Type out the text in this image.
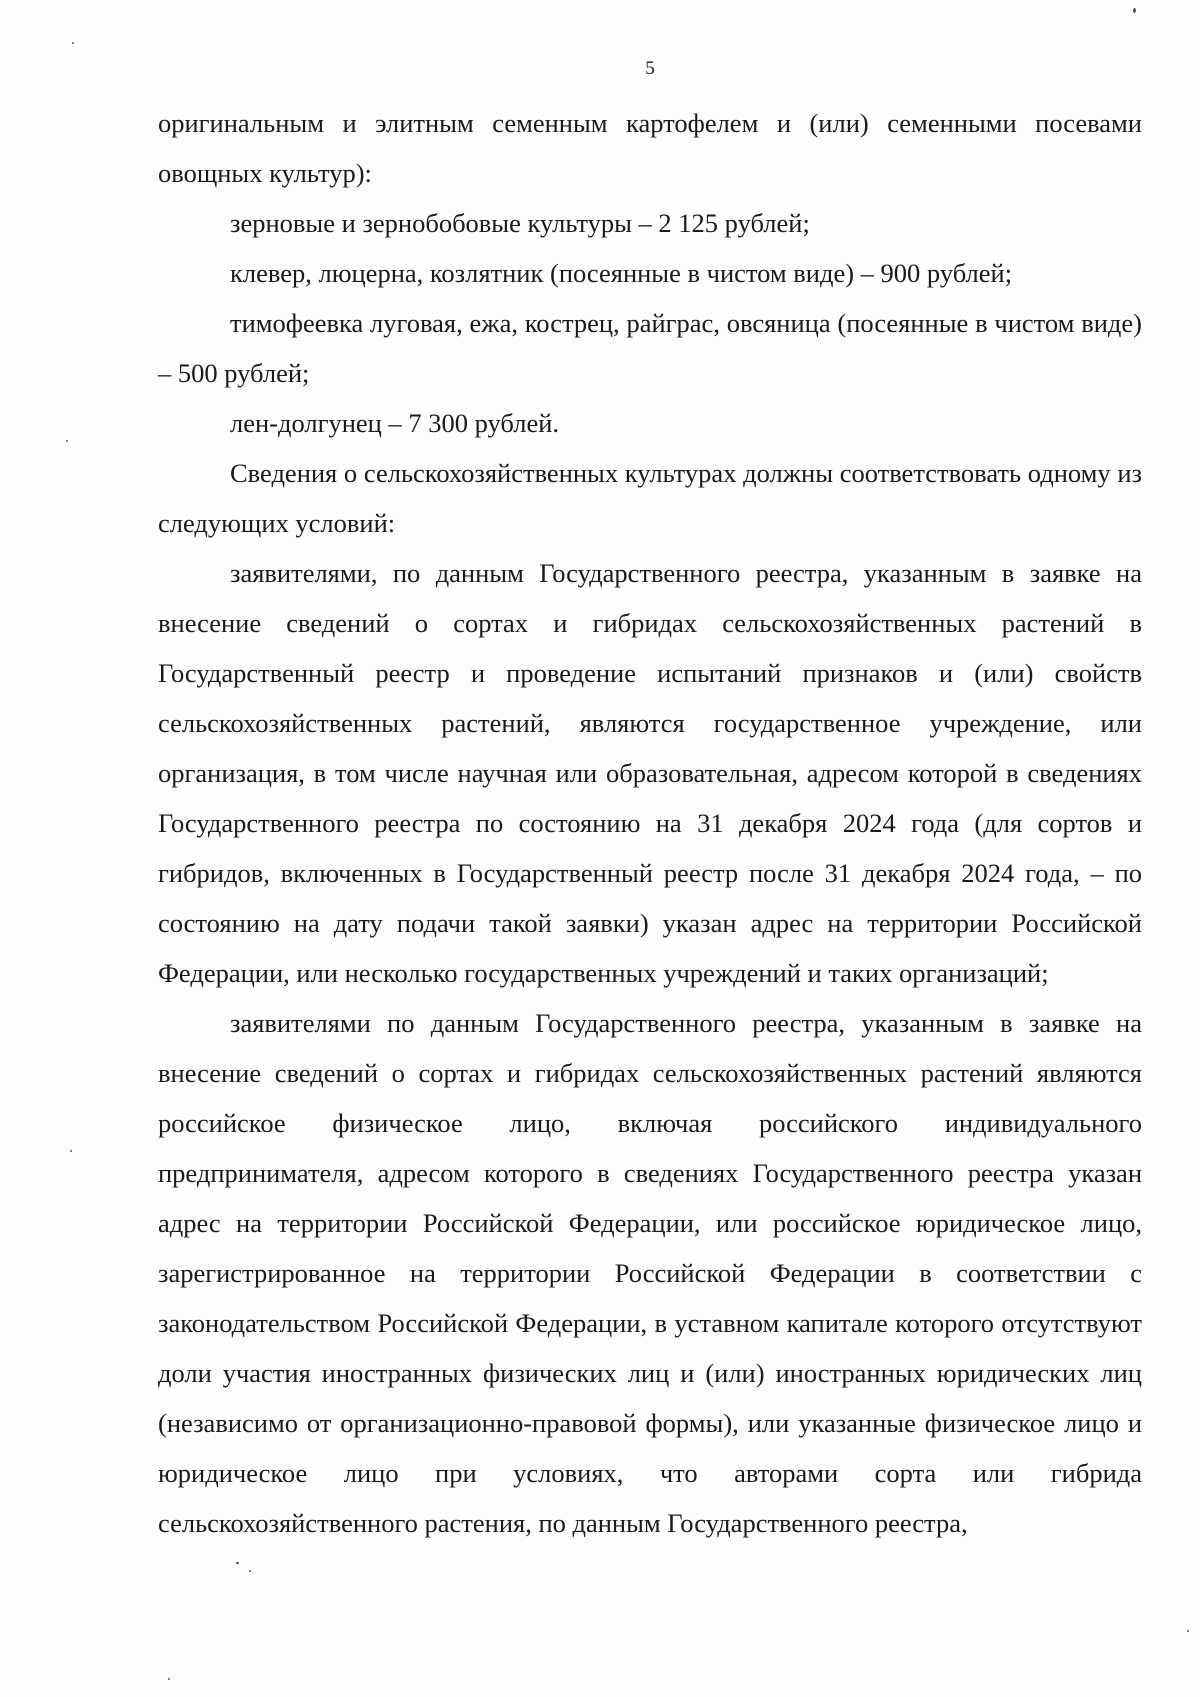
5

оригинальным и элитным семенным картофелем и (или) семенными посевами овощных культур):

зерновые и зернобобовые культуры – 2 125 рублей;

клевер, люцерна, козлятник (посеянные в чистом виде) – 900 рублей;

тимофеевка луговая, ежа, кострец, райграс, овсяница (посеянные в чистом виде) – 500 рублей;

лен-долгунец – 7 300 рублей.

Сведения о сельскохозяйственных культурах должны соответствовать одному из следующих условий:

заявителями, по данным Государственного реестра, указанным в заявке на внесение сведений о сортах и гибридах сельскохозяйственных растений в Государственный реестр и проведение испытаний признаков и (или) свойств сельскохозяйственных растений, являются государственное учреждение, или организация, в том числе научная или образовательная, адресом которой в сведениях Государственного реестра по состоянию на 31 декабря 2024 года (для сортов и гибридов, включенных в Государственный реестр после 31 декабря 2024 года, – по состоянию на дату подачи такой заявки) указан адрес на территории Российской Федерации, или несколько государственных учреждений и таких организаций;

заявителями по данным Государственного реестра, указанным в заявке на внесение сведений о сортах и гибридах сельскохозяйственных растений являются российское физическое лицо, включая российского индивидуального предпринимателя, адресом которого в сведениях Государственного реестра указан адрес на территории Российской Федерации, или российское юридическое лицо, зарегистрированное на территории Российской Федерации в соответствии с законодательством Российской Федерации, в уставном капитале которого отсутствуют доли участия иностранных физических лиц и (или) иностранных юридических лиц (независимо от организационно-правовой формы), или указанные физическое лицо и юридическое лицо при условиях, что авторами сорта или гибрида сельскохозяйственного растения, по данным Государственного реестра,
